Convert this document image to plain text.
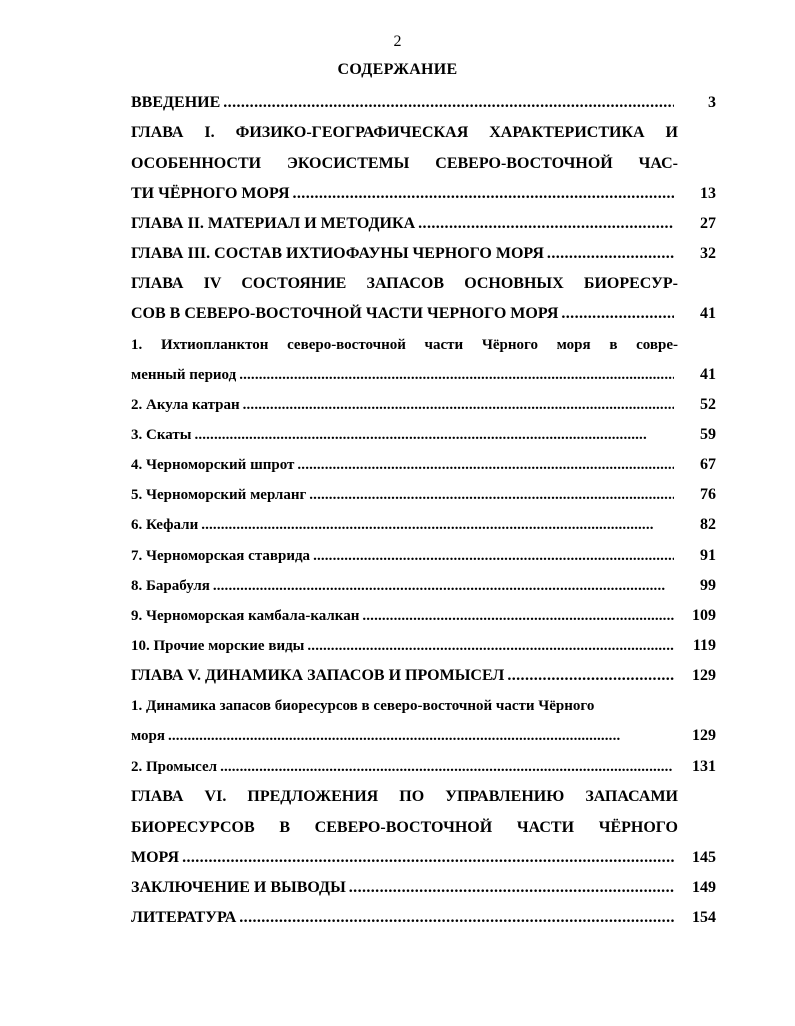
2
СОДЕРЖАНИЕ
ВВЕДЕНИЕ . . .	3
ГЛАВА I. ФИЗИКО-ГЕОГРАФИЧЕСКАЯ ХАРАКТЕРИСТИКА И
ОСОБЕННОСТИ ЭКОСИСТЕМЫ СЕВЕРО-ВОСТОЧНОЙ ЧАС-
ТИ ЧЁРНОГО МОРЯ . . .	13
ГЛАВА II. МАТЕРИАЛ И МЕТОДИКА . . .	27
ГЛАВА III. СОСТАВ ИХТИОФАУНЫ ЧЕРНОГО МОРЯ . . .	32
ГЛАВА IV СОСТОЯНИЕ ЗАПАСОВ ОСНОВНЫХ БИОРЕСУР-
СОВ В СЕВЕРО-ВОСТОЧНОЙ ЧАСТИ ЧЕРНОГО МОРЯ . . .	41
1. Ихтиопланктон северо-восточной части Чёрного моря в совре-
менный период . . .	41
2. Акула катран . . .	52
3. Скаты . . .	59
4. Черноморский шпрот . . .	67
5. Черноморский мерланг . . .	76
6. Кефали . . .	82
7. Черноморская ставрида . . .	91
8. Барабуля . . .	99
9. Черноморская камбала-калкан . . .	109
10. Прочие морские виды . . .	119
ГЛАВА V. ДИНАМИКА ЗАПАСОВ И ПРОМЫСЕЛ . . .	129
1. Динамика запасов биоресурсов в северо-восточной части Чёрного
моря . . .	129
2. Промысел . . .	131
ГЛАВА VI. ПРЕДЛОЖЕНИЯ ПО УПРАВЛЕНИЮ ЗАПАСАМИ
БИОРЕСУРСОВ В СЕВЕРО-ВОСТОЧНОЙ ЧАСТИ ЧЁРНОГО
МОРЯ . . .	145
ЗАКЛЮЧЕНИЕ И ВЫВОДЫ . . .	149
ЛИТЕРАТУРА . . .	154
